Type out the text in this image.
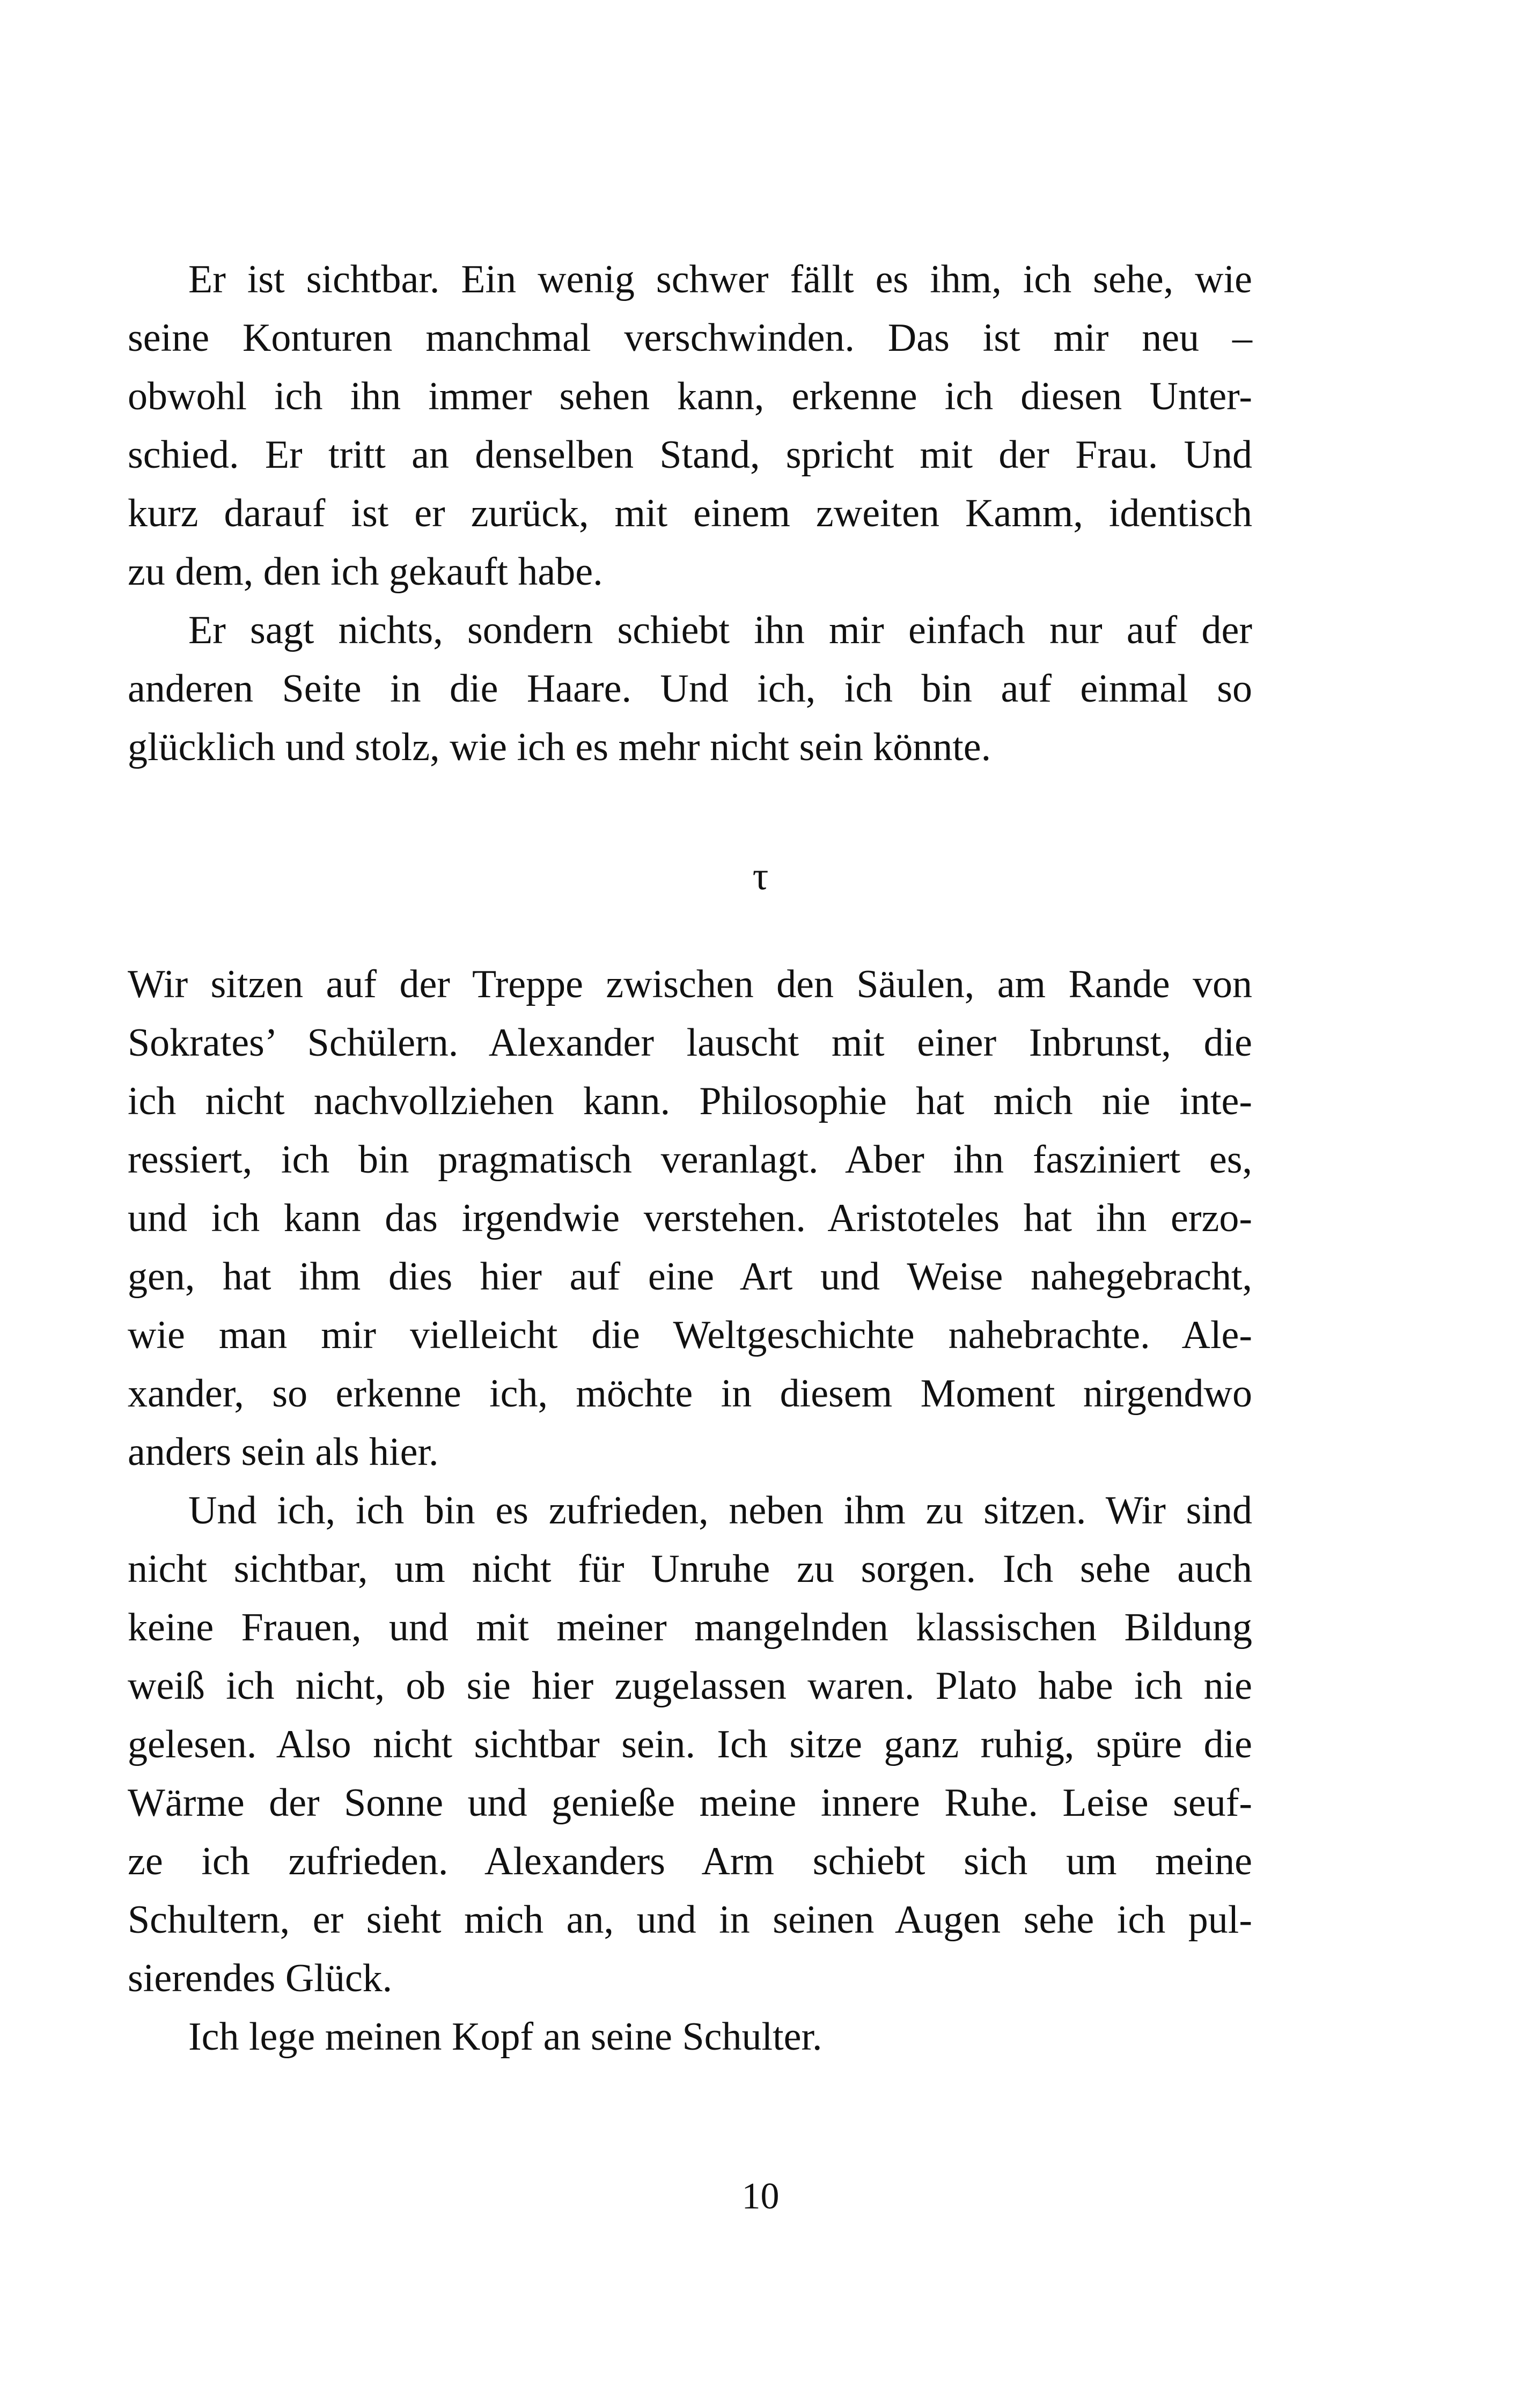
Er ist sichtbar. Ein wenig schwer fällt es ihm, ich sehe, wie
seine Konturen manchmal verschwinden. Das ist mir neu –
obwohl ich ihn immer sehen kann, erkenne ich diesen Unter-
schied. Er tritt an denselben Stand, spricht mit der Frau. Und
kurz darauf ist er zurück, mit einem zweiten Kamm, identisch
zu dem, den ich gekauft habe.
Er sagt nichts, sondern schiebt ihn mir einfach nur auf der
anderen Seite in die Haare. Und ich, ich bin auf einmal so
glücklich und stolz, wie ich es mehr nicht sein könnte.
τ
Wir sitzen auf der Treppe zwischen den Säulen, am Rande von
Sokrates’ Schülern. Alexander lauscht mit einer Inbrunst, die
ich nicht nachvollziehen kann. Philosophie hat mich nie inte-
ressiert, ich bin pragmatisch veranlagt. Aber ihn fasziniert es,
und ich kann das irgendwie verstehen. Aristoteles hat ihn erzo-
gen, hat ihm dies hier auf eine Art und Weise nahegebracht,
wie man mir vielleicht die Weltgeschichte nahebrachte. Ale-
xander, so erkenne ich, möchte in diesem Moment nirgendwo
anders sein als hier.
Und ich, ich bin es zufrieden, neben ihm zu sitzen. Wir sind
nicht sichtbar, um nicht für Unruhe zu sorgen. Ich sehe auch
keine Frauen, und mit meiner mangelnden klassischen Bildung
weiß ich nicht, ob sie hier zugelassen waren. Plato habe ich nie
gelesen. Also nicht sichtbar sein. Ich sitze ganz ruhig, spüre die
Wärme der Sonne und genieße meine innere Ruhe. Leise seuf-
ze ich zufrieden. Alexanders Arm schiebt sich um meine
Schultern, er sieht mich an, und in seinen Augen sehe ich pul-
sierendes Glück.
Ich lege meinen Kopf an seine Schulter.
10
